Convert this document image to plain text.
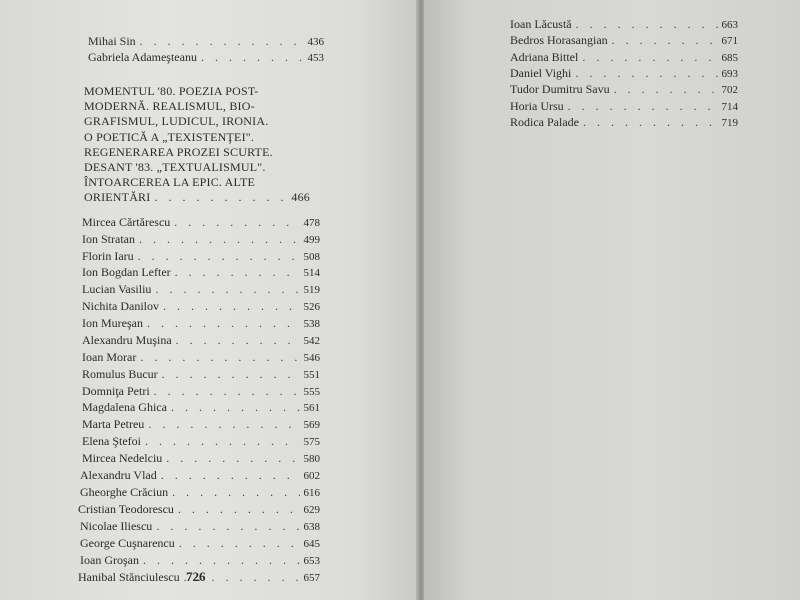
Mihai Sin . . .	436
Gabriela Adameşteanu . . .	453
MOMENTUL '80. POEZIA POST-
MODERNĂ. REALISMUL, BIO-
GRAFISMUL, LUDICUL, IRONIA.
O POETICĂ A „TEXISTENŢEI".
REGENERAREA PROZEI SCURTE.
DESANT '83. „TEXTUALISMUL".
ÎNTOARCEREA LA EPIC. ALTE
ORIENTĂRI . . .	466
Mircea Cărtărescu . . .	478
Ion Stratan . . .	499
Florin Iaru . . .	508
Ion Bogdan Lefter . . .	514
Lucian Vasiliu . . .	519
Nichita Danilov . . .	526
Ion Mureşan . . .	538
Alexandru Muşina . . .	542
Ioan Morar . . .	546
Romulus Bucur . . .	551
Domniţa Petri . . .	555
Magdalena Ghica . . .	561
Marta Petreu . . .	569
Elena Ştefoi . . .	575
Mircea Nedelciu . . .	580
Alexandru Vlad . . .	602
Gheorghe Crăciun . . .	616
Cristian Teodorescu . . .	629
Nicolae Iliescu . . .	638
George Cuşnarencu . . .	645
Ioan Groşan . . .	653
Hanibal Stănciulescu . . .	657
726
Ioan Lăcustă . . .	663
Bedros Horasangian . . .	671
Adriana Bittel . . .	685
Daniel Vighi . . .	693
Tudor Dumitru Savu . . .	702
Horia Ursu . . .	714
Rodica Palade . . .	719
